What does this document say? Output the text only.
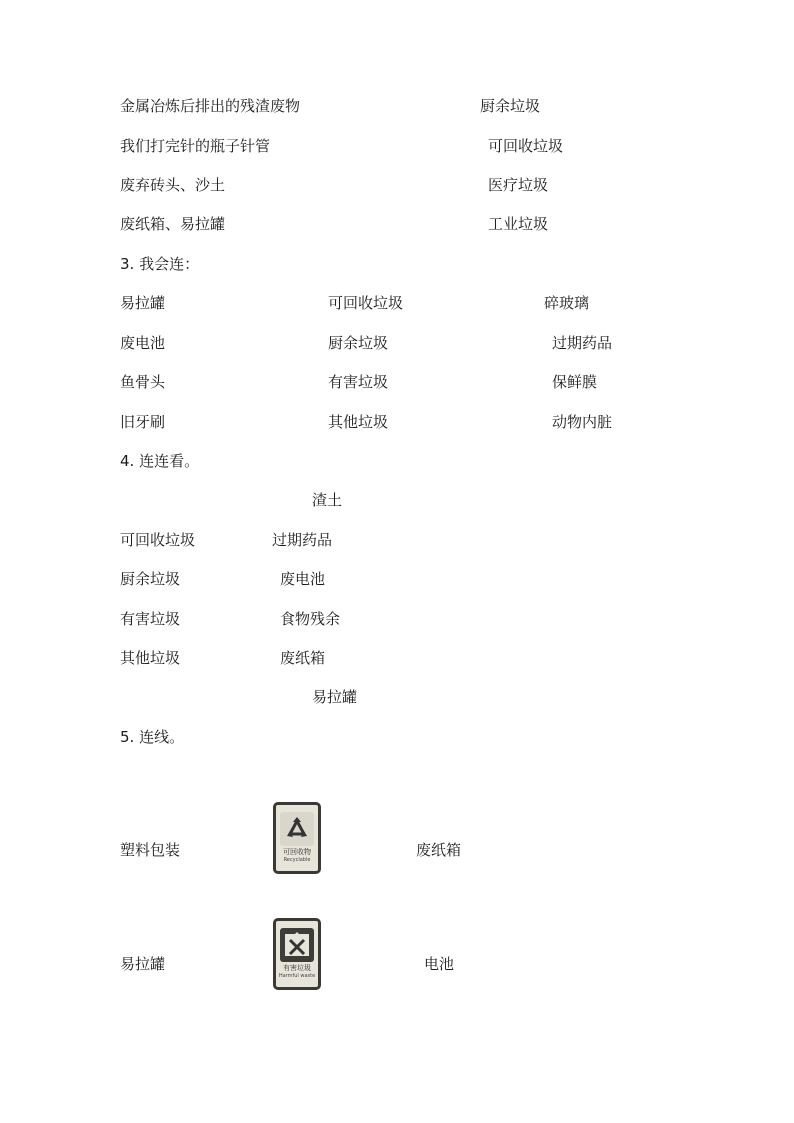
金属冶炼后排出的残渣废物
我们打完针的瓶子针管
废弃砖头、沙土
废纸箱、易拉罐
厨余垃圾
可回收垃圾
医疗垃圾
工业垃圾
3. 我会连：
易拉罐
废电池
鱼骨头
旧牙刷
可回收垃圾
厨余垃圾
有害垃圾
其他垃圾
碎玻璃
过期药品
保鲜膜
动物内脏
4. 连连看。
渣土
可回收垃圾
厨余垃圾
有害垃圾
其他垃圾
过期药品
废电池
食物残余
废纸箱
易拉罐
5. 连线。
塑料包装	可回收物
Recyclable
废纸箱
易拉罐	有害垃圾
Harmful waste
电池
